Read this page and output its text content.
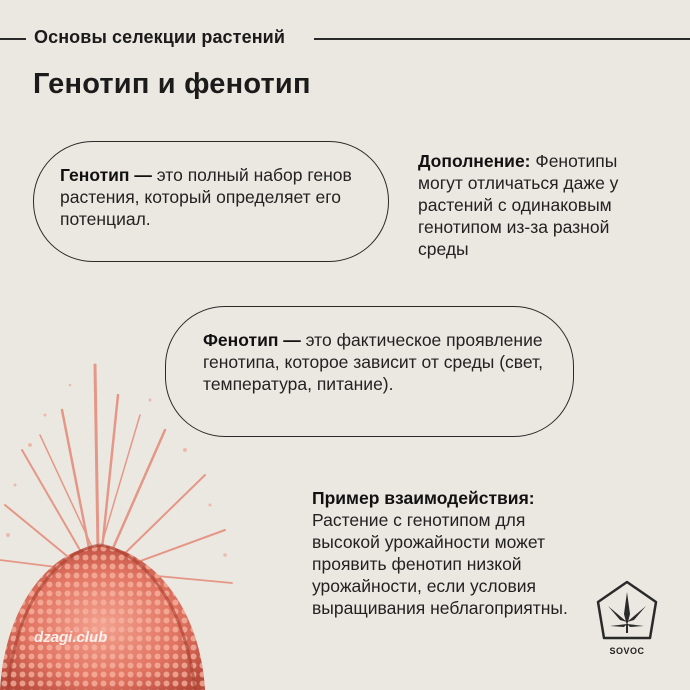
Основы селекции растений
Генотип и фенотип

Генотип — это полный набор генов растения, который определяет его потенциал.

Дополнение: Фенотипы могут отличаться даже у растений с одинаковым генотипом из-за разной среды

Фенотип — это фактическое проявление генотипа, которое зависит от среды (свет, температура, питание).

Пример взаимодействия:

Растение с генотипом для высокой урожайности может проявить фенотип низкой урожайности, если условия выращивания неблагоприятны.

dzagi.club
SOVOC
